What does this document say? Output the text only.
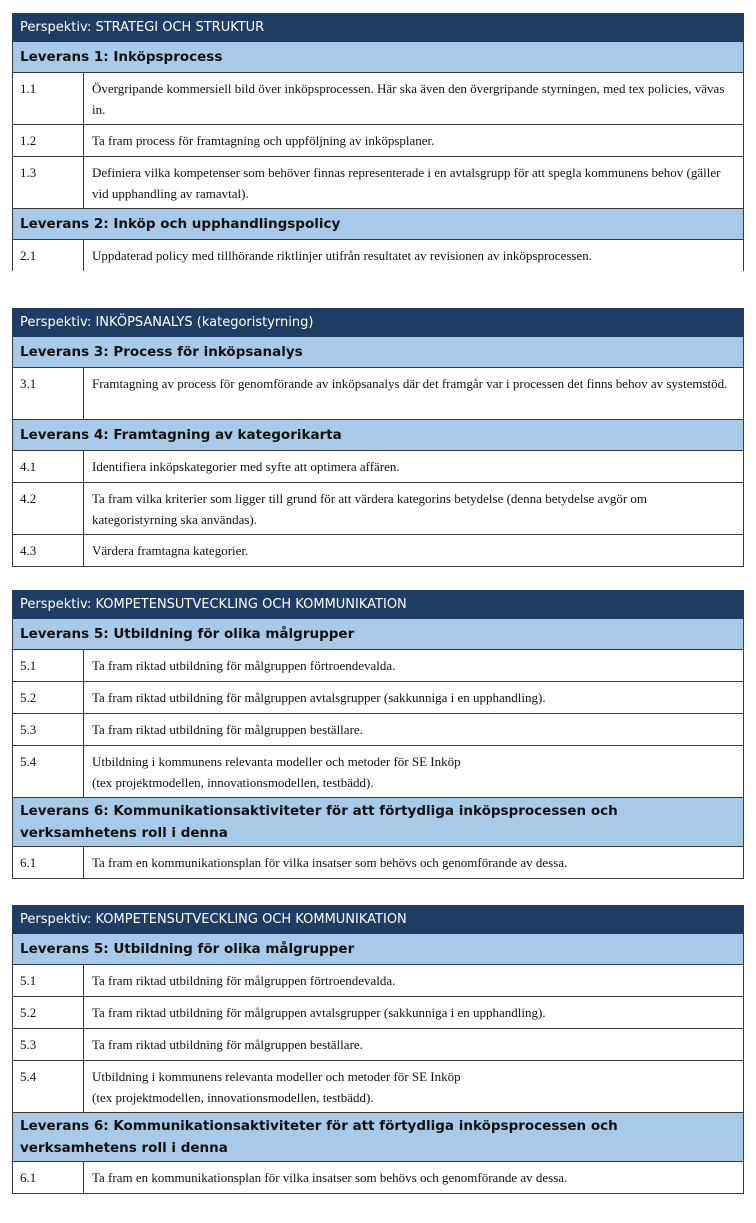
Perspektiv: STRATEGI OCH STRUKTUR	
Leverans 1: Inköpsprocess	
1.1	Övergripande kommersiell bild över inköpsprocessen. Här ska även den övergripande styrningen, med tex policies, vävas in.
1.2	Ta fram process för framtagning och uppföljning av inköpsplaner.
1.3	Definiera vilka kompetenser som behöver finnas representerade i en avtalsgrupp för att spegla kommunens behov (gäller vid upphandling av ramavtal).
Leverans 2: Inköp och upphandlingspolicy	
2.1	Uppdaterad policy med tillhörande riktlinjer utifrån resultatet av revisionen av inköpsprocessen.
Perspektiv: INKÖPSANALYS (kategoristyrning)	
Leverans 3: Process för inköpsanalys	
3.1	Framtagning av process för genomförande av inköpsanalys där det framgår var i processen det finns behov av systemstöd.
Leverans 4: Framtagning av kategorikarta	
4.1	Identifiera inköpskategorier med syfte att optimera affären.
4.2	Ta fram vilka kriterier som ligger till grund för att värdera kategorins betydelse (denna betydelse avgör om kategoristyrning ska användas).
4.3	Värdera framtagna kategorier.
Perspektiv: KOMPETENSUTVECKLING OCH KOMMUNIKATION	
Leverans 5: Utbildning för olika målgrupper	
5.1	Ta fram riktad utbildning för målgruppen förtroendevalda.
5.2	Ta fram riktad utbildning för målgruppen avtalsgrupper (sakkunniga i en upphandling).
5.3	Ta fram riktad utbildning för målgruppen beställare.
5.4	Utbildning i kommunens relevanta modeller och metoder för SE Inköp
(tex projektmodellen, innovationsmodellen, testbädd).
Leverans 6: Kommunikationsaktiviteter för att förtydliga inköpsprocessen och verksamhetens roll i denna	
6.1	Ta fram en kommunikationsplan för vilka insatser som behövs och genomförande av dessa.
Perspektiv: KOMPETENSUTVECKLING OCH KOMMUNIKATION	
Leverans 5: Utbildning för olika målgrupper	
5.1	Ta fram riktad utbildning för målgruppen förtroendevalda.
5.2	Ta fram riktad utbildning för målgruppen avtalsgrupper (sakkunniga i en upphandling).
5.3	Ta fram riktad utbildning för målgruppen beställare.
5.4	Utbildning i kommunens relevanta modeller och metoder för SE Inköp
(tex projektmodellen, innovationsmodellen, testbädd).
Leverans 6: Kommunikationsaktiviteter för att förtydliga inköpsprocessen och verksamhetens roll i denna	
6.1	Ta fram en kommunikationsplan för vilka insatser som behövs och genomförande av dessa.
